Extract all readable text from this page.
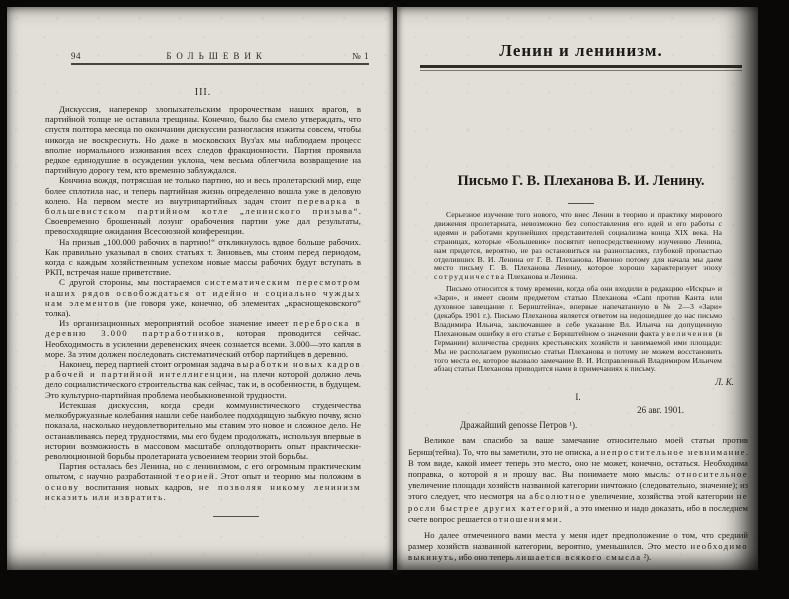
94	БОЛЬШЕВИК	№ 1
III.

Дискуссия, наперекор злопыхательским пророчествам наших врагов, в партийной толще не оставила трещины. Конечно, было бы смело утверждать, что спустя полтора месяца по окончании дискуссии разногласия изжиты совсем, чтобы никогда не воскреснуть. Но даже в московских Вуз'ах мы наблюдаем процесс вполне нормального изживания всех следов фракционности. Партия проявила редкое единодушие в осуждении уклона, чем весьма облегчила возвращение на партийную дорогу тем, кто временно заблуждался.

Кончина вождя, потрясшая не только партию, но и весь пролетарский мир, еще более сплотила нас, и теперь партийная жизнь определенно вошла уже в деловую колею. На первом месте из внутрипартийных задач стоит переварка в большевистском партийном котле „ленинского призыва“. Своевременно брошенный лозунг орабочения партии уже дал результаты, превосходящие ожидания Всесоюзной конференции.

На призыв „100.000 рабочих в партию!“ откликнулось вдвое больше рабочих. Как правильно указывал в своих статьях т. Зиновьев, мы стоим перед периодом, когда с каждым хозяйственным успехом новые массы рабочих будут вступать в РКП, встречая наше приветствие.

С другой стороны, мы постараемся систематическим пересмотром наших рядов освобождаться от идейно и социально чуждых нам элементов (не говоря уже, конечно, об элементах „краснощековского“ толка).

Из организационных мероприятий особое значение имеет переброска в деревню 3.000 партработников, которая проводится сейчас. Необходимость в усилении деревенских ячеек сознается всеми. 3.000—это капля в море. За этим должен последовать систематический отбор партийцев в деревню.

Наконец, перед партией стоит огромная задача выработки новых кадров рабочей и партийной интеллигенции, на плечи которой должно лечь дело социалистического строительства как сейчас, так и, в особенности, в будущем. Это культурно-партийная проблема необыкновенной трудности.

Истекшая дискуссия, когда среди коммунистического студенчества мелкобуржуазные колебания нашли себе наиболее подходящую зыбкую почву, ясно показала, насколько неудовлетворительно мы ставим это новое и сложное дело. Не останавливаясь перед трудностями, мы его будем продолжать, используя впервые в истории возможность в массовом масштабе оплодотворить опыт практически-революционной борьбы пролетариата усвоением теории этой борьбы.

Партия осталась без Ленина, но с ленинизмом, с его огромным практическим опытом, с научно разработанной теорией. Этот опыт и теорию мы положим в основу воспитания новых кадров, не позволяя никому ленинизм исказить или извратить.

Ленин и ленинизм.
Письмо Г. В. Плеханова В. И. Ленину.

Серьезное изучение того нового, что внес Ленин в теорию и практику мирового движения пролетариата, невозможно без сопоставления его идей и его работы с идеями и работами крупнейших представителей социализма конца XIX века. На страницах, которые «Большевик» посвятит непосредственному изучению Ленина, нам придется, вероятно, не раз остановиться на разногласиях, глубокой пропастью отделивших В. И. Ленина от Г. В. Плеханова. Именно потому для начала мы даем место письму Г. В. Плеханова Ленину, которое хорошо характеризует эпоху сотрудничества Плеханова и Ленина.

Письмо относится к тому времени, когда оба они входили в редакцию «Искры» и «Зари», и имеет своим предметом статью Плеханова «Cant против Канта или духовное завещание г. Бернштейна», впервые напечатанную в № 2—3 «Зари» (декабрь 1901 г.). Письмо Плеханова является ответом на недошедшее до нас письмо Владимира Ильича, заключавшее в себе указание Вл. Ильича на допущенную Плехановым ошибку в его статье с Бернштейном о значении факта увеличения (в Германии) количества средних крестьянских хозяйств и занимаемой ими площади: Мы не располагаем рукописью статьи Плеханова и потому не можем восстановить того места ее, которое вызвало замечание В. И. Исправленный Владимиром Ильичем абзац статьи Плеханова приводится нами в примечаниях к письму.

Л. К.
I.
26 авг. 1901.
Дражайший genosse Петров ¹).

Великое вам спасибо за ваше замечание относительно моей статьи против Бернш(тейна). То, что вы заметили, это не описка, а непростительное невнимание. В том виде, какой имеет теперь это место, оно не может, конечно, остаться. Необходима поправка, о которой я и прошу вас. Вы понимаете мою мысль: относительное увеличение площади хозяйств названной категории ничтожно (следовательно, значение); из этого следует, что несмотря на абсолютное увеличение, хозяйства этой категории не росли быстрее других категорий, а это именно и надо доказать, ибо в последнем счете вопрос решается отношениями.

Но далее отмеченного вами места у меня идет предположение о том, что средний размер хозяйств названной категории, вероятно, уменьшился. Это место необходимо выкинуть, ибо оно теперь лишается всякого смысла ²).
